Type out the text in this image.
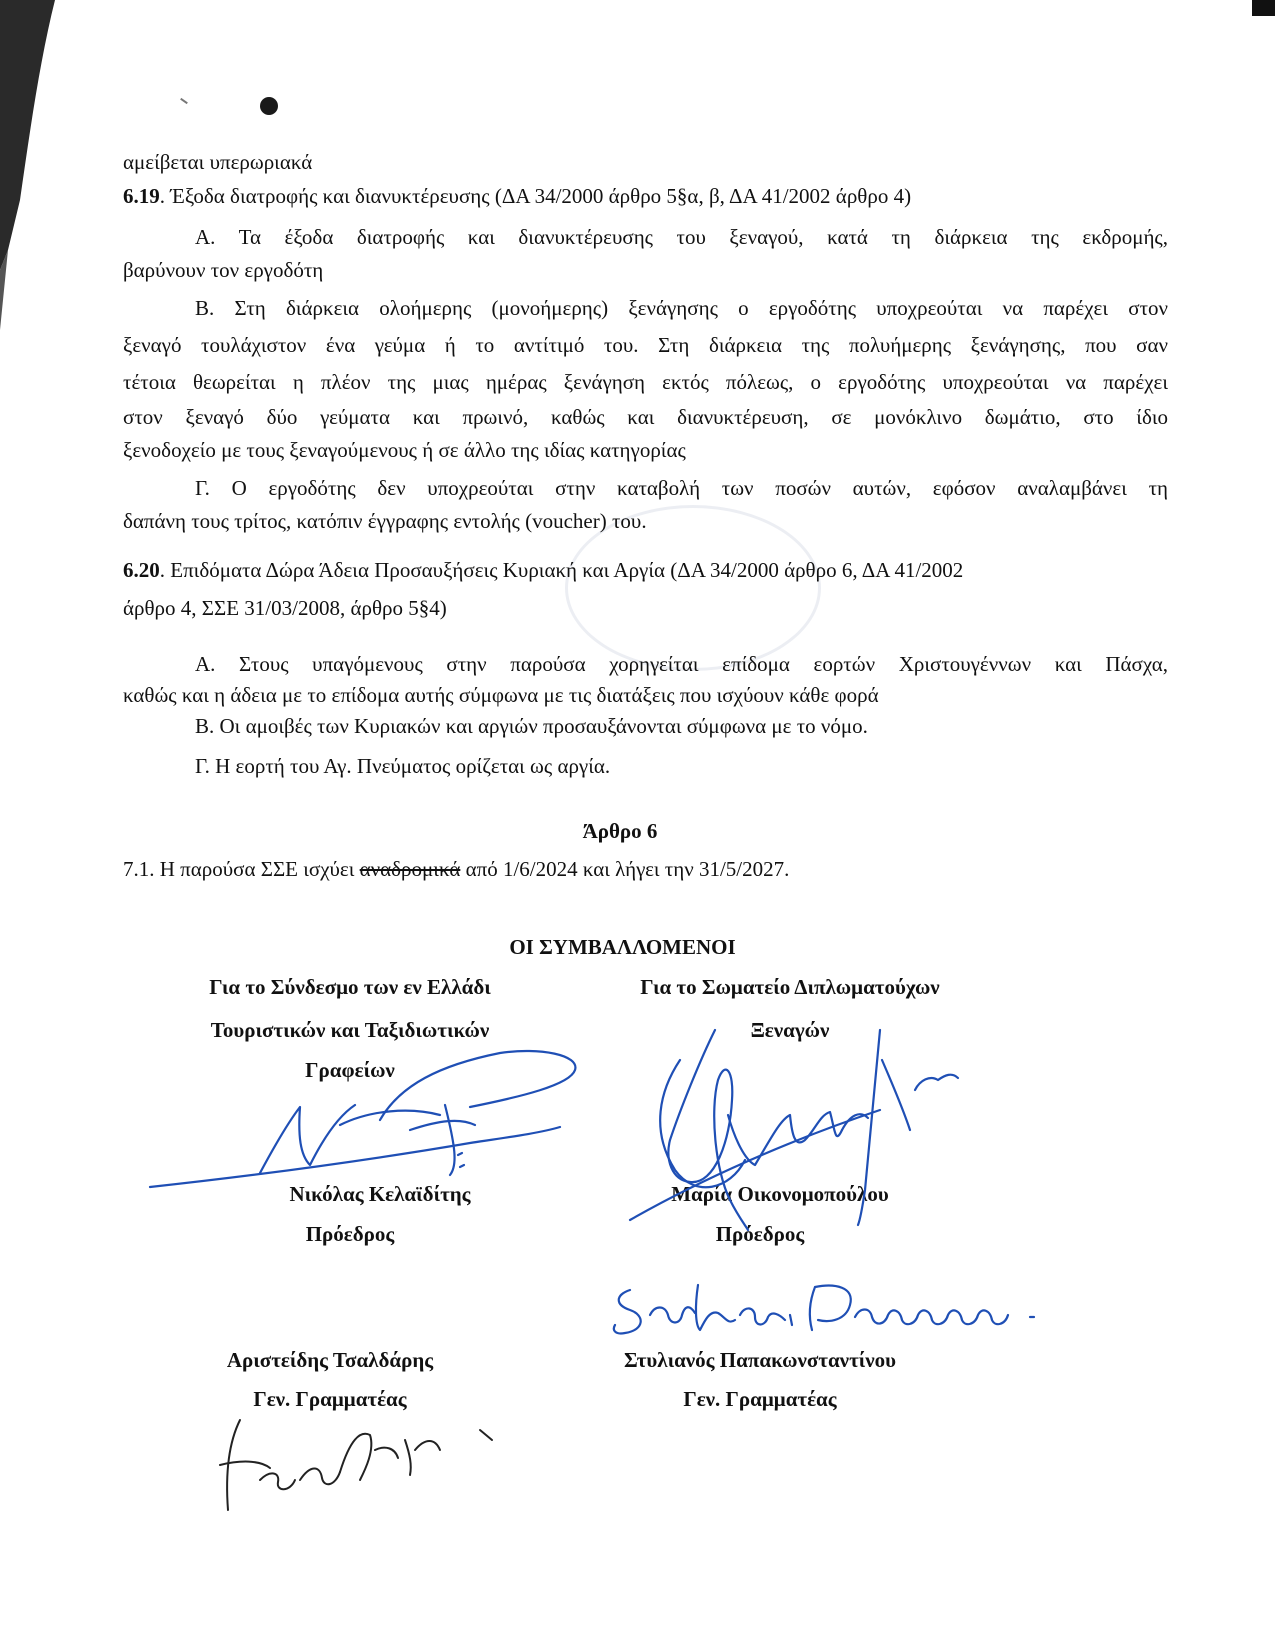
αμείβεται υπερωριακά
6.19. Έξοδα διατροφής και διανυκτέρευσης (ΔΑ 34/2000 άρθρο 5§α, β, ΔΑ 41/2002 άρθρο 4)
Α. Τα έξοδα διατροφής και διανυκτέρευσης του ξεναγού, κατά τη διάρκεια της εκδρομής,
βαρύνουν τον εργοδότη
Β. Στη διάρκεια ολοήμερης (μονοήμερης) ξενάγησης ο εργοδότης υποχρεούται να παρέχει στον
ξεναγό τουλάχιστον ένα γεύμα ή το αντίτιμό του. Στη διάρκεια της πολυήμερης ξενάγησης, που σαν
τέτοια θεωρείται η πλέον της μιας ημέρας ξενάγηση εκτός πόλεως, ο εργοδότης υποχρεούται να παρέχει
στον ξεναγό δύο γεύματα και πρωινό, καθώς και διανυκτέρευση, σε μονόκλινο δωμάτιο, στο ίδιο
ξενοδοχείο με τους ξεναγούμενους ή σε άλλο της ιδίας κατηγορίας
Γ. Ο εργοδότης δεν υποχρεούται στην καταβολή των ποσών αυτών, εφόσον αναλαμβάνει τη
δαπάνη τους τρίτος, κατόπιν έγγραφης εντολής (voucher) του.
6.20. Επιδόματα Δώρα Άδεια Προσαυξήσεις Κυριακή και Αργία (ΔΑ 34/2000 άρθρο 6, ΔΑ 41/2002
άρθρο 4, ΣΣΕ 31/03/2008, άρθρο 5§4)
Α. Στους υπαγόμενους στην παρούσα χορηγείται επίδομα εορτών Χριστουγέννων και Πάσχα,
καθώς και η άδεια με το επίδομα αυτής σύμφωνα με τις διατάξεις που ισχύουν κάθε φορά
Β. Οι αμοιβές των Κυριακών και αργιών προσαυξάνονται σύμφωνα με το νόμο.
Γ. Η εορτή του Αγ. Πνεύματος ορίζεται ως αργία.
Άρθρο 6
7.1. Η παρούσα ΣΣΕ ισχύει αναδρομικά από 1/6/2024 και λήγει την 31/5/2027.
ΟΙ ΣΥΜΒΑΛΛΟΜΕΝΟΙ
Για το Σύνδεσμο των εν Ελλάδι
Τουριστικών και Ταξιδιωτικών
Γραφείων
Για το Σωματείο Διπλωματούχων
Ξεναγών
Νικόλας Κελαϊδίτης
Πρόεδρος
Μαρία Οικονομοπούλου
Πρόεδρος
Αριστείδης Τσαλδάρης
Γεν. Γραμματέας
Στυλιανός Παπακωνσταντίνου
Γεν. Γραμματέας
